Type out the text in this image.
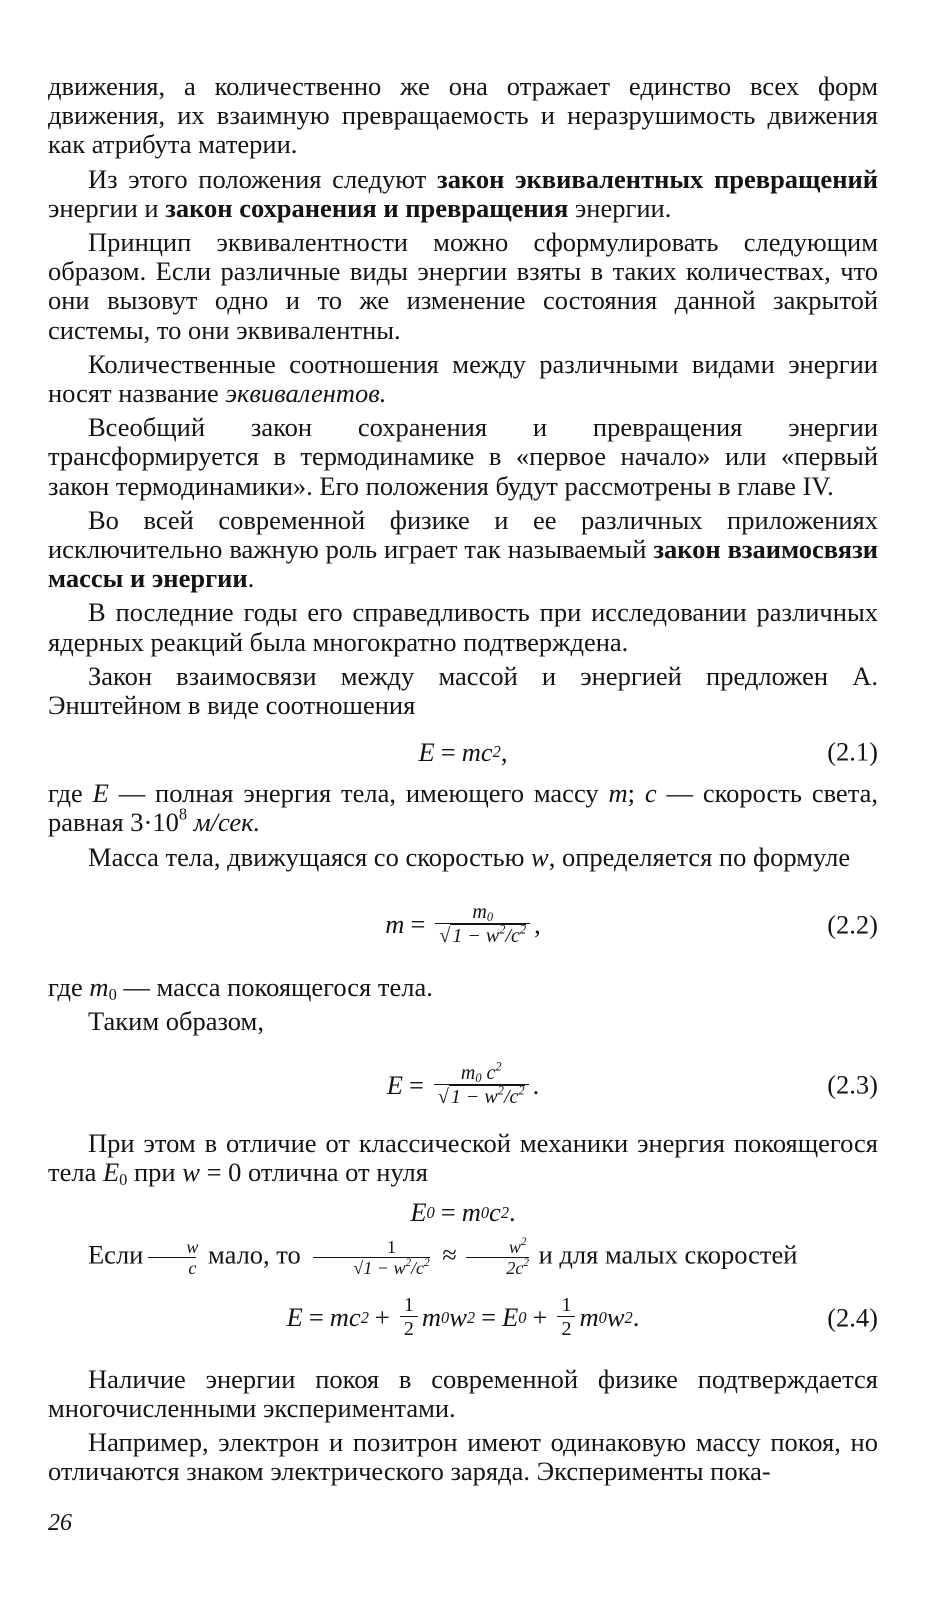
движения, а количественно же она отражает единство всех форм движения, их взаимную превращаемость и неразрушимость движения как атрибута материи.

Из этого положения следуют закон эквивалентных превращений энергии и закон сохранения и превращения энергии.

Принцип эквивалентности можно сформулировать следующим образом. Если различные виды энергии взяты в таких количествах, что они вызовут одно и то же изменение состояния данной закрытой системы, то они эквивалентны.

Количественные соотношения между различными видами энергии носят название эквивалентов.

Всеобщий закон сохранения и превращения энергии трансформируется в термодинамике в «первое начало» или «первый закон термодинамики». Его положения будут рассмотрены в главе IV.

Во всей современной физике и ее различных приложениях исключительно важную роль играет так называемый закон взаимосвязи массы и энергии.

В последние годы его справедливость при исследовании различных ядерных реакций была многократно подтверждена.

Закон взаимосвязи между массой и энергией предложен А. Энштейном в виде соотношения

E = mc 2 ,	(2.1)

где E — полная энергия тела, имеющего массу m; c — скорость света, равная $3\cdot 10^8$ м/сек.

Масса тела, движущаяся со скоростью w, определяется по формуле

$m = \frac{m_0}{√ 1 - w^2/c^2}$ ,	(2.2)

где $m_0$ — масса покоящегося тела.

Таким образом,

$E = \frac{m_0 c^2}{√ 1 - w^2/c^2}$ .	(2.3)

При этом в отличие от классической механики энергия покоящегося тела $E_0$ при w = 0 отлична от нуля

E 0 = m 0 c 2 .

Если $\frac{w}{c}$ мало, то $\frac{1}{√1 - w^2/c^2} \approx \frac{w^2}{2c^2}$ и для малых скоростей

E = mc $2 + \frac{1}{2}$ m 0 w 2 = E $0 + \frac{1}{2}$ m 0 w 2 .	(2.4)

Наличие энергии покоя в современной физике подтверждается многочисленными экспериментами.

Например, электрон и позитрон имеют одинаковую массу покоя, но отличаются знаком электрического заряда. Эксперименты пока-

26
